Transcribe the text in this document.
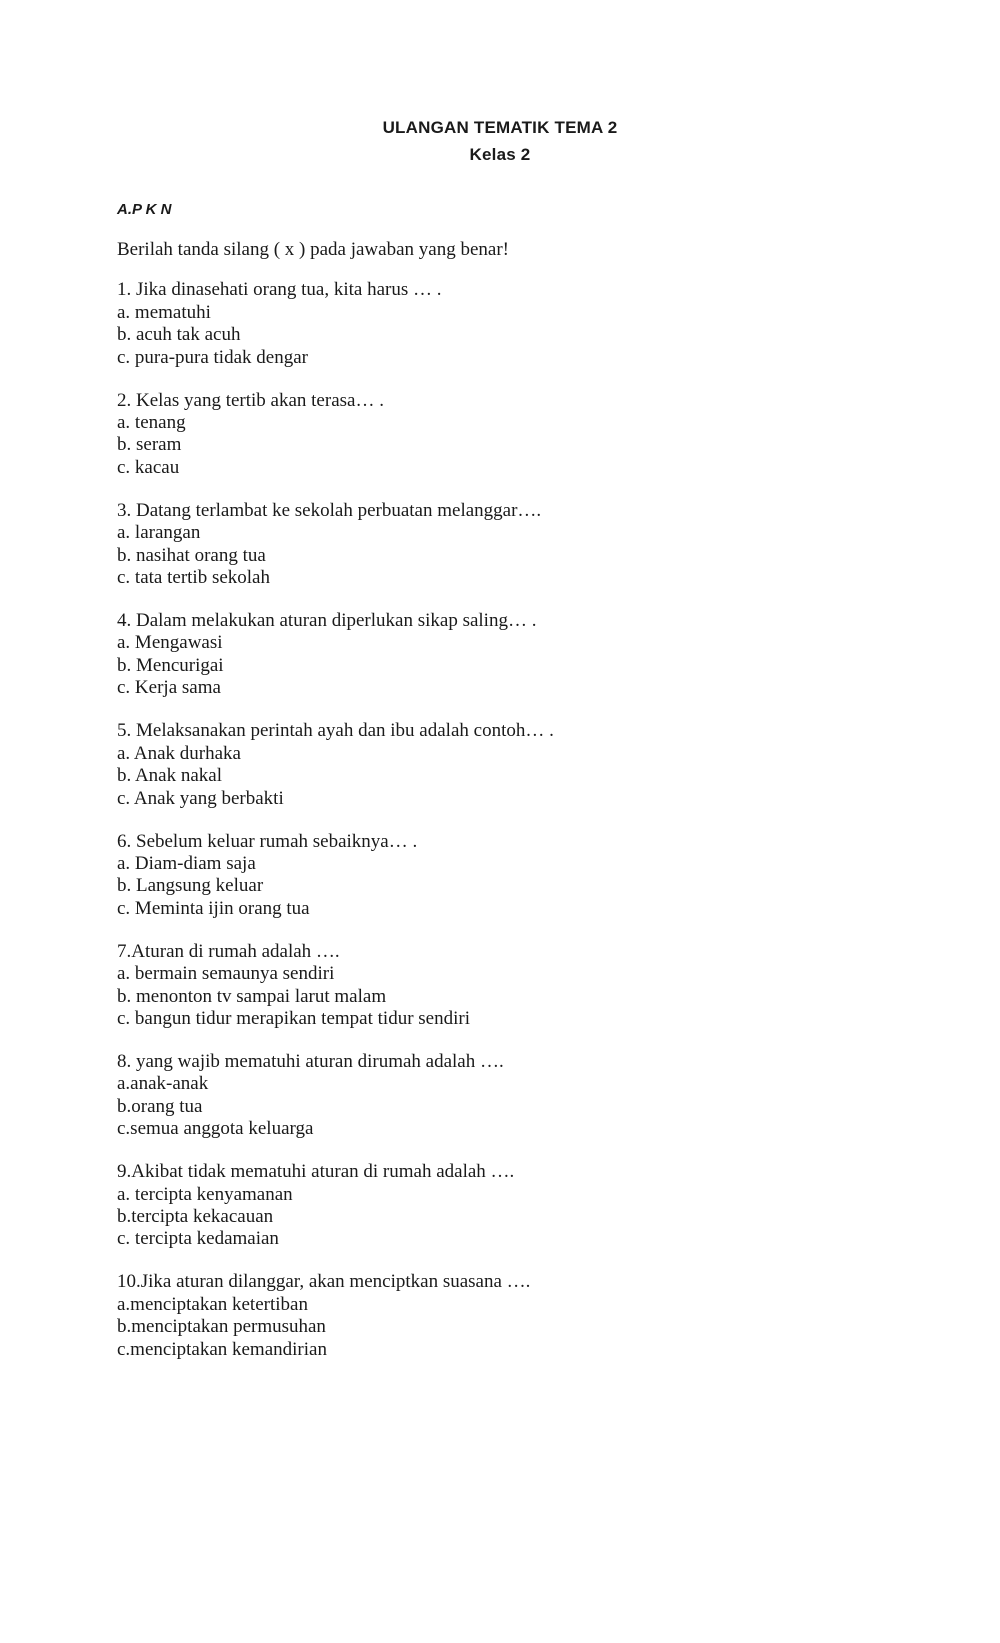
ULANGAN TEMATIK TEMA 2
Kelas 2
A.P K N
Berilah tanda silang ( x ) pada jawaban yang benar!
1. Jika dinasehati orang tua, kita harus … .
a. mematuhi
b. acuh tak acuh
c. pura-pura tidak dengar
2. Kelas yang tertib akan terasa… .
a. tenang
b. seram
c. kacau
3. Datang terlambat ke sekolah perbuatan melanggar….
a. larangan
b. nasihat orang tua
c. tata tertib sekolah
4. Dalam melakukan aturan diperlukan sikap saling… .
a. Mengawasi
b. Mencurigai
c. Kerja sama
5. Melaksanakan perintah ayah dan ibu adalah contoh… .
a. Anak durhaka
b. Anak nakal
c. Anak yang berbakti
6. Sebelum keluar rumah sebaiknya… .
a. Diam-diam saja
b. Langsung keluar
c. Meminta ijin orang tua
7.Aturan di rumah adalah ….
a. bermain semaunya sendiri
b. menonton tv sampai larut malam
c. bangun tidur merapikan tempat tidur sendiri
8. yang wajib mematuhi aturan dirumah adalah ….
a.anak-anak
b.orang tua
c.semua anggota keluarga
9.Akibat tidak mematuhi aturan di rumah adalah ….
a. tercipta kenyamanan
b.tercipta kekacauan
c. tercipta kedamaian
10.Jika aturan dilanggar, akan menciptkan suasana ….
a.menciptakan ketertiban
b.menciptakan permusuhan
c.menciptakan kemandirian
